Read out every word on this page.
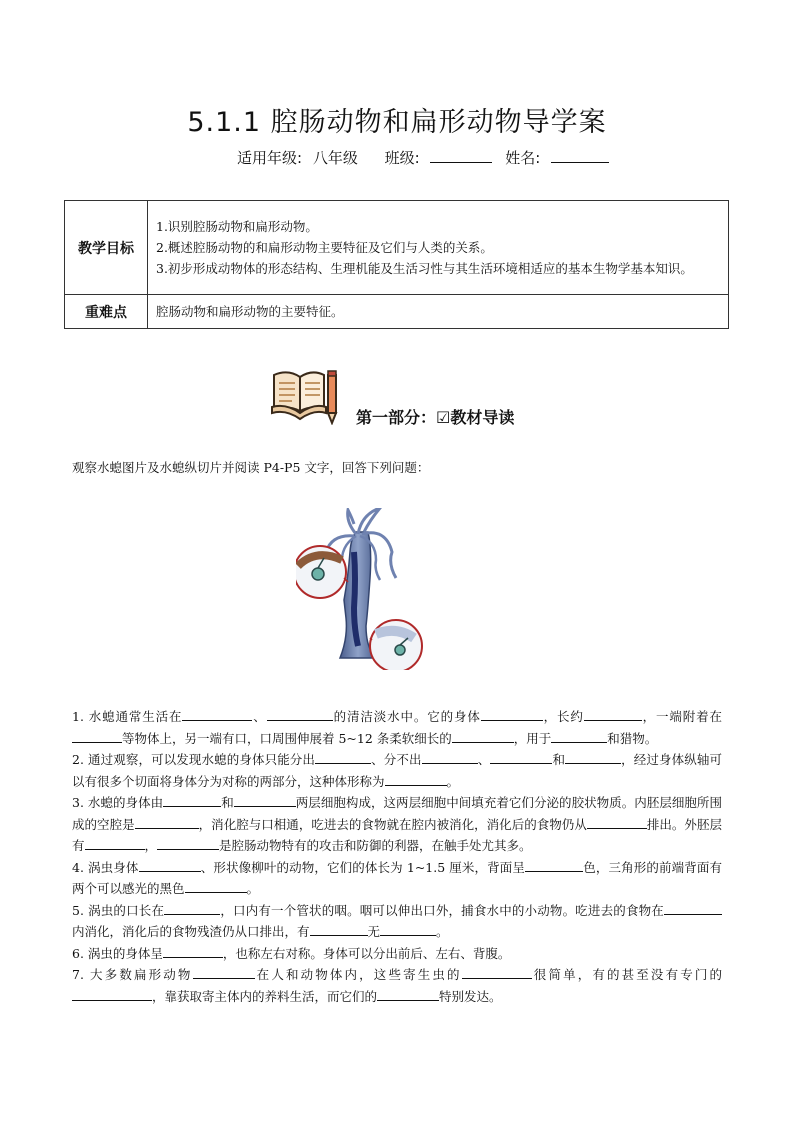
5.1.1 腔肠动物和扁形动物导学案
适用年级: 八年级 班级:	姓名:
教学目标	1.识别腔肠动物和扁形动物。
2.概述腔肠动物的和扁形动物主要特征及它们与人类的关系。
3.初步形成动物体的形态结构、生理机能及生活习性与其生活环境相适应的基本生物学基本知识。

重难点	腔肠动物和扁形动物的主要特征。
第一部分：☑教材导读
观察水螅图片及水螅纵切片并阅读 P4-P5 文字，回答下列问题：

1. 水螅通常生活在	、	的清洁淡水中。它的身体	，长约	，一端附着在等物体上，另一端有口，口周围伸展着 5~12 条柔软细长的	，用于	和猎物。

2. 通过观察，可以发现水螅的身体只能分出	、分不出	、	和	，经过身体纵轴可以有很多个切面将身体分为对称的两部分，这种体形称为	。

3. 水螅的身体由	和	两层细胞构成，这两层细胞中间填充着它们分泌的胶状物质。内胚层细胞所围成的空腔是	，消化腔与口相通，吃进去的食物就在腔内被消化，消化后的食物仍从	排出。外胚层有	，	是腔肠动物特有的攻击和防御的利器，在触手处尤其多。

4. 涡虫身体	、形状像柳叶的动物，它们的体长为 1~1.5 厘米，背面呈	色，三角形的前端背面有两个可以感光的黑色	。

5. 涡虫的口长在	，口内有一个管状的咽。咽可以伸出口外，捕食水中的小动物。吃进去的食物在内消化，消化后的食物残渣仍从口排出，有	无	。

6. 涡虫的身体呈	，也称左右对称。身体可以分出前后、左右、背腹。

7. 大多数扁形动物	在人和动物体内，这些寄生虫的	很简单，有的甚至没有专门的，靠获取寄主体内的养料生活，而它们的	特别发达。
